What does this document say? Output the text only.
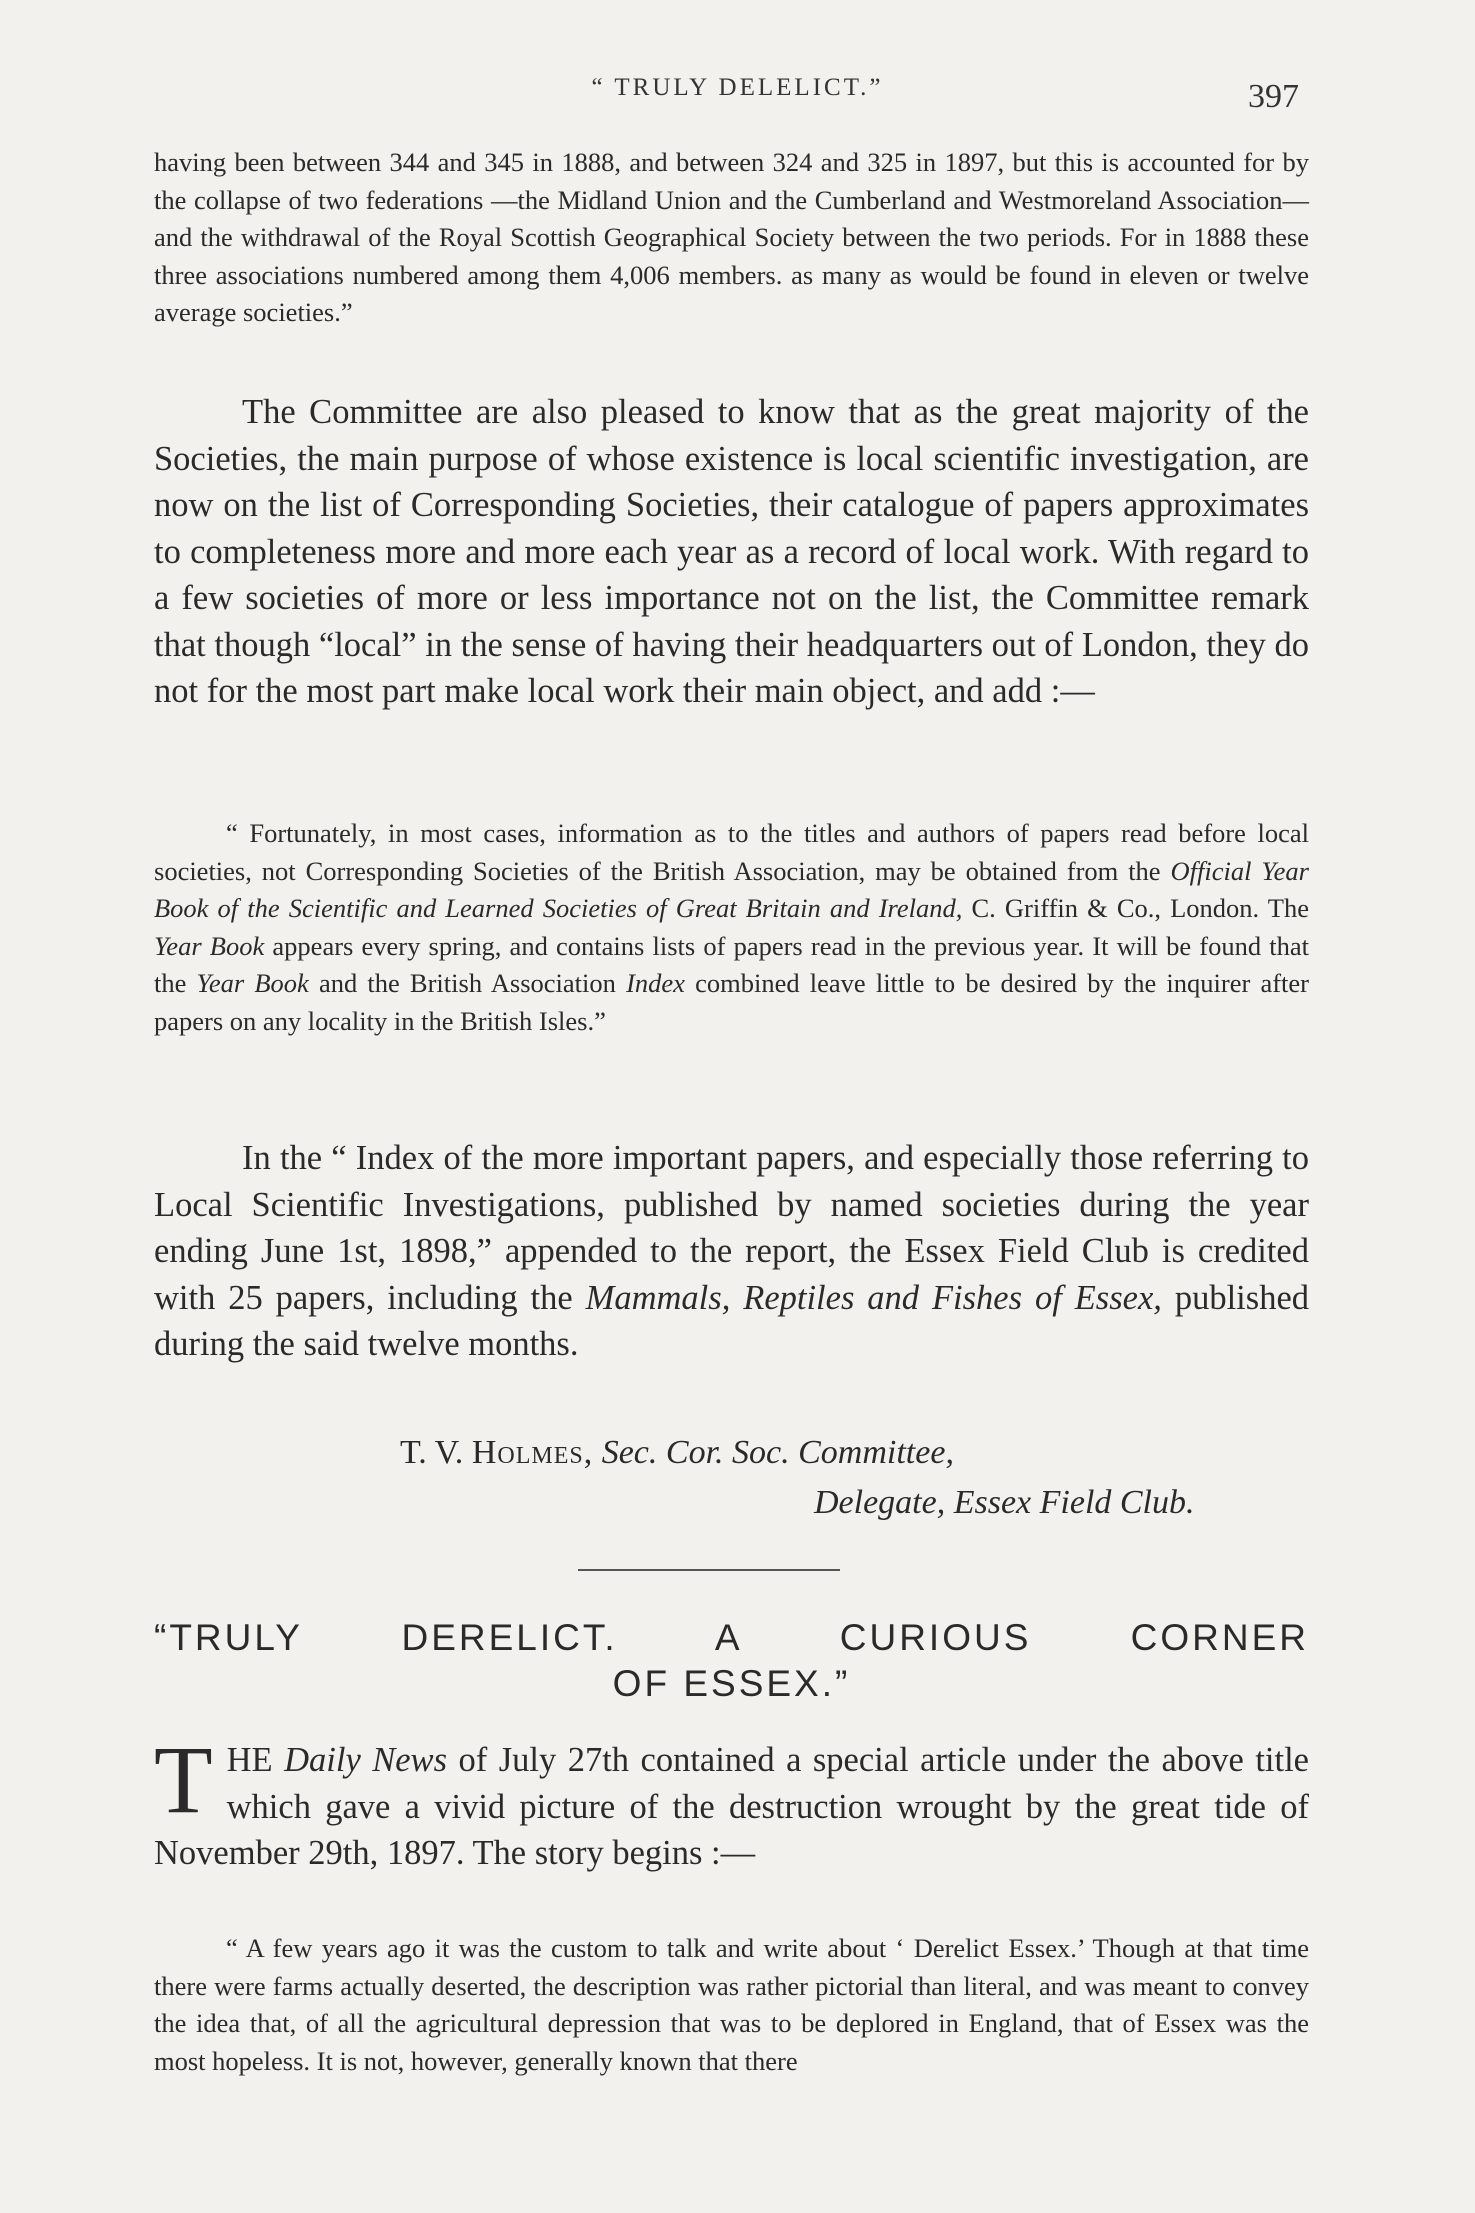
“ TRULY DELELICT.”	397

having been between 344 and 345 in 1888, and between 324 and 325 in 1897, but this is accounted for by the collapse of two federations —the Midland Union and the Cumberland and Westmoreland Association—and the withdrawal of the Royal Scottish Geographical Society between the two periods. For in 1888 these three associations numbered among them 4,006 members. as many as would be found in eleven or twelve average societies.”

The Committee are also pleased to know that as the great majority of the Societies, the main purpose of whose existence is local scientific investigation, are now on the list of Corresponding Societies, their catalogue of papers approximates to completeness more and more each year as a record of local work. With regard to a few societies of more or less importance not on the list, the Committee remark that though “local” in the sense of having their headquarters out of London, they do not for the most part make local work their main object, and add :—

“ Fortunately, in most cases, information as to the titles and authors of papers read before local societies, not Corresponding Societies of the British Association, may be obtained from the Official Year Book of the Scientific and Learned Societies of Great Britain and Ireland, C. Griffin & Co., London. The Year Book appears every spring, and contains lists of papers read in the previous year. It will be found that the Year Book and the British Association Index combined leave little to be desired by the inquirer after papers on any locality in the British Isles.”

In the “ Index of the more important papers, and especially those referring to Local Scientific Investigations, published by named societies during the year ending June 1st, 1898,” appended to the report, the Essex Field Club is credited with 25 papers, including the Mammals, Reptiles and Fishes of Essex, published during the said twelve months.

T. V. Holmes, Sec. Cor. Soc. Committee,
Delegate, Essex Field Club.
“TRULY DERELICT. A CURIOUS CORNER
OF ESSEX.”

THE Daily News of July 27th contained a special article under the above title which gave a vivid picture of the destruction wrought by the great tide of November 29th, 1897. The story begins :—

“ A few years ago it was the custom to talk and write about ‘ Derelict Essex.’ Though at that time there were farms actually deserted, the description was rather pictorial than literal, and was meant to convey the idea that, of all the agricultural depression that was to be deplored in England, that of Essex was the most hopeless. It is not, however, generally known that there
